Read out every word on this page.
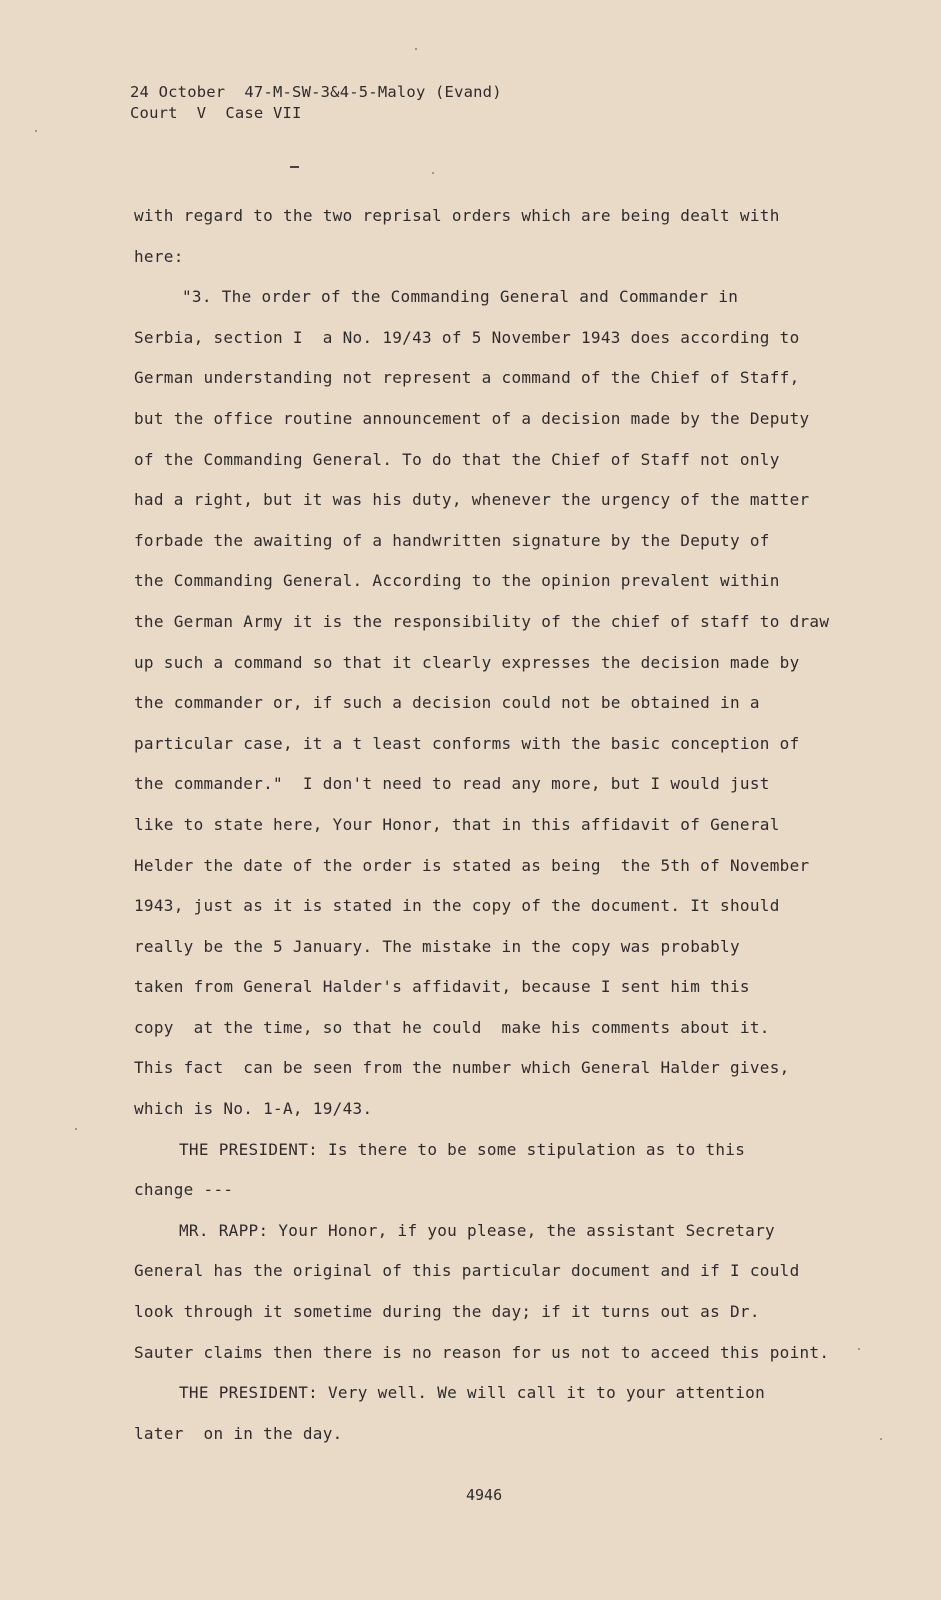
24 October  47-M-SW-3&4-5-Maloy (Evand)
Court  V  Case VII
with regard to the two reprisal orders which are being dealt with
here:
"3. The order of the Commanding General and Commander in
Serbia, section I  a No. 19/43 of 5 November 1943 does according to
German understanding not represent a command of the Chief of Staff,
but the office routine announcement of a decision made by the Deputy
of the Commanding General. To do that the Chief of Staff not only
had a right, but it was his duty, whenever the urgency of the matter
forbade the awaiting of a handwritten signature by the Deputy of
the Commanding General. According to the opinion prevalent within
the German Army it is the responsibility of the chief of staff to draw
up such a command so that it clearly expresses the decision made by
the commander or, if such a decision could not be obtained in a
particular case, it a t least conforms with the basic conception of
the commander."  I don't need to read any more, but I would just
like to state here, Your Honor, that in this affidavit of General
Helder the date of the order is stated as being  the 5th of November
1943, just as it is stated in the copy of the document. It should
really be the 5 January. The mistake in the copy was probably
taken from General Halder's affidavit, because I sent him this
copy  at the time, so that he could  make his comments about it.
This fact  can be seen from the number which General Halder gives,
which is No. 1-A, 19/43.
THE PRESIDENT: Is there to be some stipulation as to this
change ---
MR. RAPP: Your Honor, if you please, the assistant Secretary
General has the original of this particular document and if I could
look through it sometime during the day; if it turns out as Dr.
Sauter claims then there is no reason for us not to acceed this point.
THE PRESIDENT: Very well. We will call it to your attention
later  on in the day.
4946
